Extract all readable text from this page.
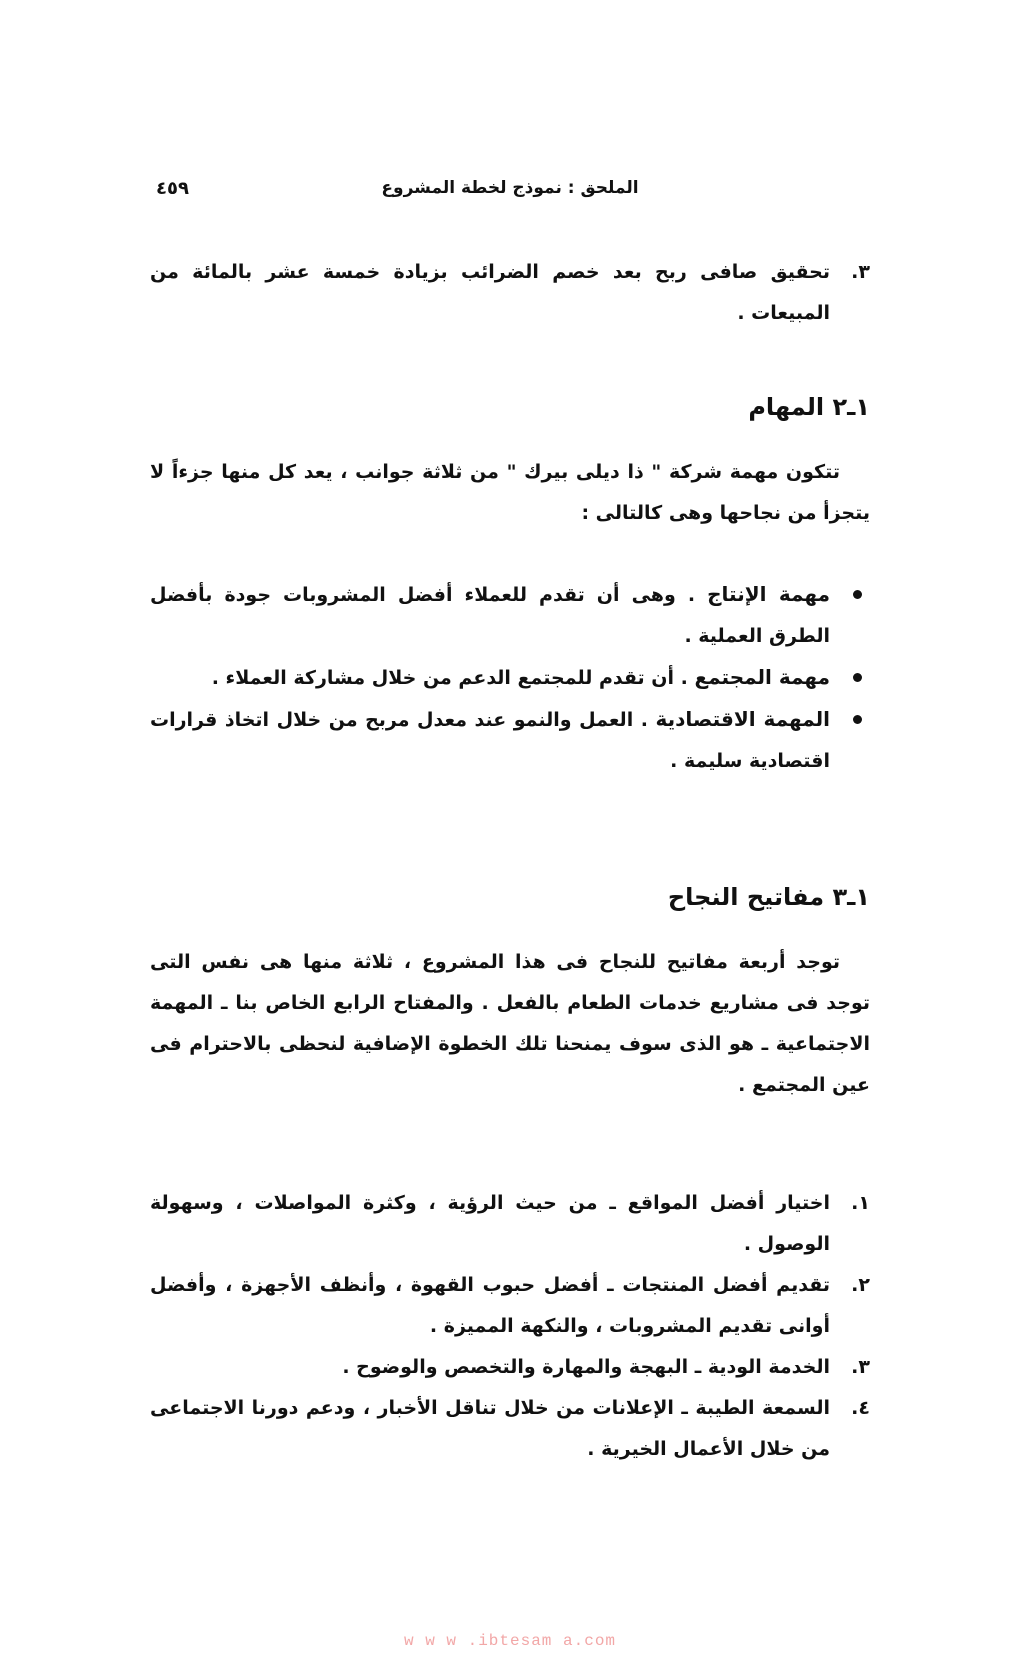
الملحق : نموذج لخطة المشروع
٤٥٩
٣.
تحقيق صافى ربح بعد خصم الضرائب بزيادة خمسة عشر بالمائة من المبيعات .
١ـ٢ المهام
تتكون مهمة شركة " ذا ديلى بيرك " من ثلاثة جوانب ، يعد كل منها جزءاً لا يتجزأ من نجاحها وهى كالتالى :
مهمة الإنتاج . وهى أن تقدم للعملاء أفضل المشروبات جودة بأفضل الطرق العملية .
مهمة المجتمع . أن تقدم للمجتمع الدعم من خلال مشاركة العملاء .
المهمة الاقتصادية . العمل والنمو عند معدل مربح من خلال اتخاذ قرارات اقتصادية سليمة .
١ـ٣ مفاتيح النجاح
توجد أربعة مفاتيح للنجاح فى هذا المشروع ، ثلاثة منها هى نفس التى توجد فى مشاريع خدمات الطعام بالفعل . والمفتاح الرابع الخاص بنا ـ المهمة الاجتماعية ـ هو الذى سوف يمنحنا تلك الخطوة الإضافية لنحظى بالاحترام فى عين المجتمع .
١.
اختيار أفضل المواقع ـ من حيث الرؤية ، وكثرة المواصلات ، وسهولة الوصول .
٢.
تقديم أفضل المنتجات ـ أفضل حبوب القهوة ، وأنظف الأجهزة ، وأفضل أوانى تقديم المشروبات ، والنكهة المميزة .
٣.
الخدمة الودية ـ البهجة والمهارة والتخصص والوضوح .
٤.
السمعة الطيبة ـ الإعلانات من خلال تناقل الأخبار ، ودعم دورنا الاجتماعى من خلال الأعمال الخيرية .
w w w .ibtesam a.com
